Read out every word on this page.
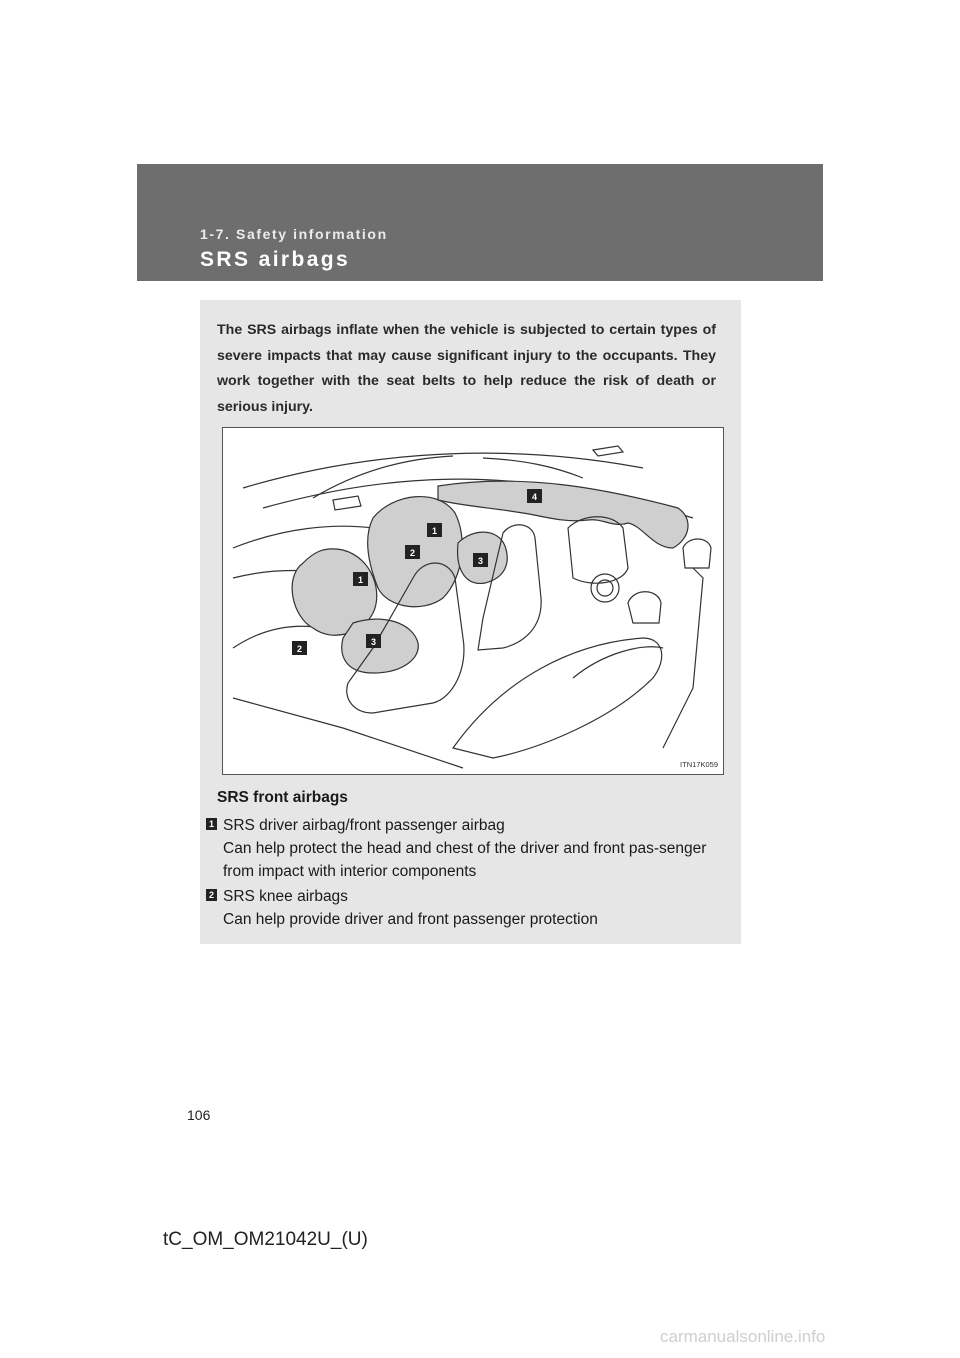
1-7. Safety information
SRS airbags
The SRS airbags inflate when the vehicle is subjected to certain types of severe impacts that may cause significant injury to the occupants. They work together with the seat belts to help reduce the risk of death or serious injury.
4
1
2
3
1
3
2
ITN17K059
SRS front airbags
1 SRS driver airbag/front passenger airbag
Can help protect the head and chest of the driver and front pas-senger from impact with interior components
2 SRS knee airbags
Can help provide driver and front passenger protection
106
tC_OM_OM21042U_(U)
carmanualsonline.info
